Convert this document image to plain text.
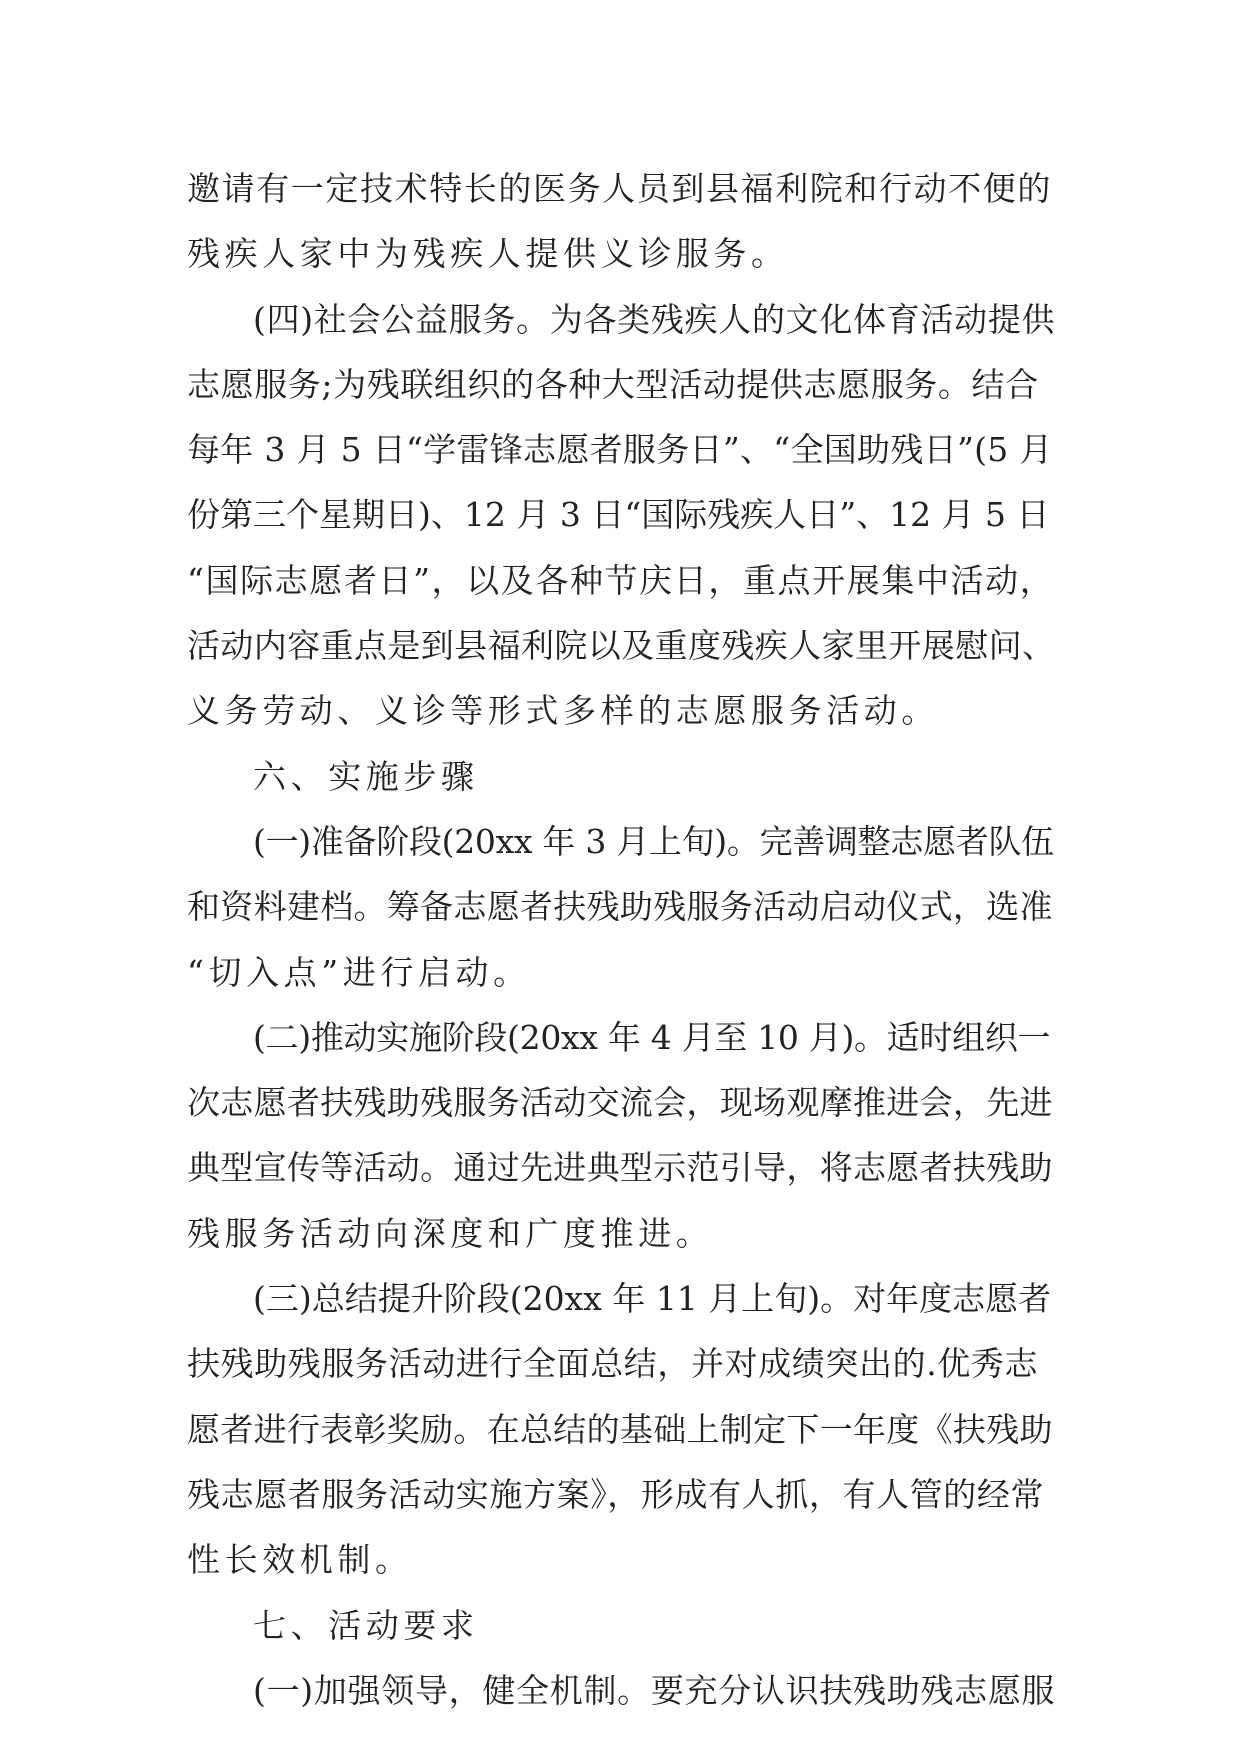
邀请有一定技术特长的医务人员到县福利院和行动不便的
残疾人家中为残疾人提供义诊服务。
(四)社会公益服务。为各类残疾人的文化体育活动提供
志愿服务;为残联组织的各种大型活动提供志愿服务。结合
每年 3 月 5 日“学雷锋志愿者服务日”、“全国助残日”(5 月
份第三个星期日)、12 月 3 日“国际残疾人日”、12 月 5 日
“国际志愿者日”，以及各种节庆日，重点开展集中活动，
活动内容重点是到县福利院以及重度残疾人家里开展慰问、
义务劳动、义诊等形式多样的志愿服务活动。
六、实施步骤
(一)准备阶段(20xx 年 3 月上旬)。完善调整志愿者队伍
和资料建档。筹备志愿者扶残助残服务活动启动仪式，选准
“切入点”进行启动。
(二)推动实施阶段(20xx 年 4 月至 10 月)。适时组织一
次志愿者扶残助残服务活动交流会，现场观摩推进会，先进
典型宣传等活动。通过先进典型示范引导，将志愿者扶残助
残服务活动向深度和广度推进。
(三)总结提升阶段(20xx 年 11 月上旬)。对年度志愿者
扶残助残服务活动进行全面总结，并对成绩突出的.优秀志
愿者进行表彰奖励。在总结的基础上制定下一年度《扶残助
残志愿者服务活动实施方案》，形成有人抓，有人管的经常
性长效机制。
七、活动要求
(一)加强领导，健全机制。要充分认识扶残助残志愿服
